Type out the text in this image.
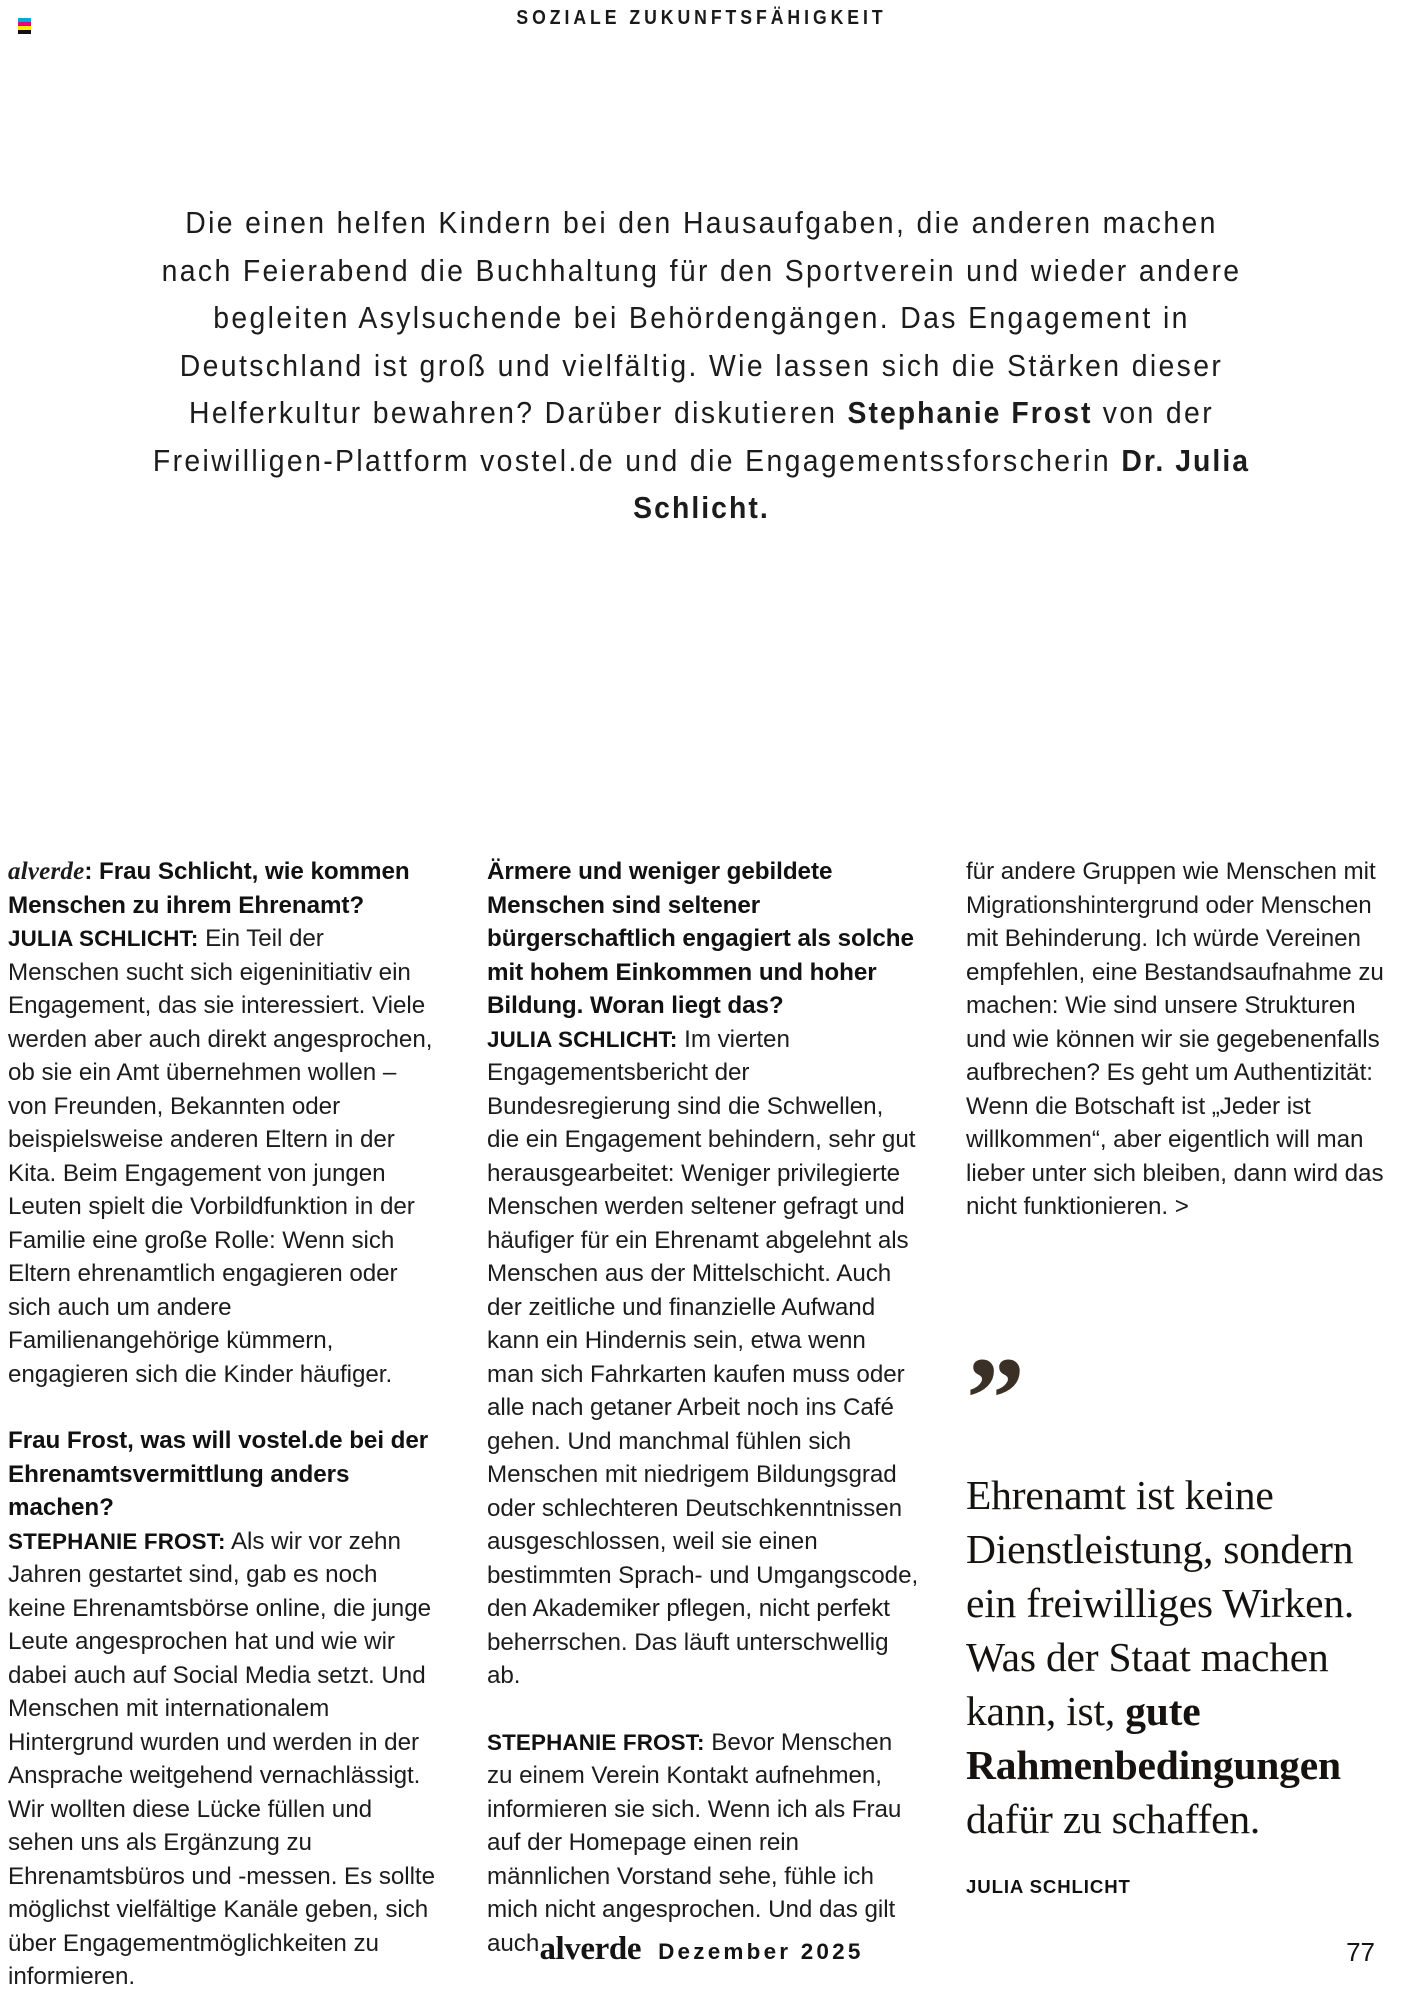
SOZIALE ZUKUNFTSFÄHIGKEIT
Die einen helfen Kindern bei den Hausaufgaben, die anderen machen nach Feierabend die Buchhaltung für den Sportverein und wieder andere begleiten Asylsuchende bei Behördengängen. Das Engagement in Deutschland ist groß und vielfältig. Wie lassen sich die Stärken dieser Helferkultur bewahren? Darüber diskutieren Stephanie Frost von der Freiwilligen-Plattform vostel.de und die Engagementssforscherin Dr. Julia Schlicht.

alverde: Frau Schlicht, wie kommen Menschen zu ihrem Ehrenamt?
JULIA SCHLICHT: Ein Teil der Menschen sucht sich eigeninitiativ ein Engagement, das sie interessiert. Viele werden aber auch direkt angesprochen, ob sie ein Amt übernehmen wollen – von Freunden, Bekannten oder beispielsweise anderen Eltern in der Kita. Beim Engagement von jungen Leuten spielt die Vorbildfunktion in der Familie eine große Rolle: Wenn sich Eltern ehrenamtlich engagieren oder sich auch um andere Familienangehörige kümmern, engagieren sich die Kinder häufiger.

Frau Frost, was will vostel.de bei der Ehrenamtsvermittlung anders machen?
STEPHANIE FROST: Als wir vor zehn Jahren gestartet sind, gab es noch keine Ehrenamtsbörse online, die junge Leute angesprochen hat und wie wir dabei auch auf Social Media setzt. Und Menschen mit internationalem Hintergrund wurden und werden in der Ansprache weitgehend vernachlässigt. Wir wollten diese Lücke füllen und sehen uns als Ergänzung zu Ehrenamtsbüros und -messen. Es sollte möglichst vielfältige Kanäle geben, sich über Engagementmöglichkeiten zu informieren.

Ärmere und weniger gebildete Menschen sind seltener bürgerschaftlich engagiert als solche mit hohem Einkommen und hoher Bildung. Woran liegt das?
JULIA SCHLICHT: Im vierten Engagementsbericht der Bundesregierung sind die Schwellen, die ein Engagement behindern, sehr gut herausgearbeitet: Weniger privilegierte Menschen werden seltener gefragt und häufiger für ein Ehrenamt abgelehnt als Menschen aus der Mittelschicht. Auch der zeitliche und finanzielle Aufwand kann ein Hindernis sein, etwa wenn man sich Fahrkarten kaufen muss oder alle nach getaner Arbeit noch ins Café gehen. Und manchmal fühlen sich Menschen mit niedrigem Bildungsgrad oder schlechteren Deutschkenntnissen ausgeschlossen, weil sie einen bestimmten Sprach- und Umgangscode, den Akademiker pflegen, nicht perfekt beherrschen. Das läuft unterschwellig ab.

STEPHANIE FROST: Bevor Menschen zu einem Verein Kontakt aufnehmen, informieren sie sich. Wenn ich als Frau auf der Homepage einen rein männlichen Vorstand sehe, fühle ich mich nicht angesprochen. Und das gilt auch

für andere Gruppen wie Menschen mit Migrationshintergrund oder Menschen mit Behinderung. Ich würde Vereinen empfehlen, eine Bestandsaufnahme zu machen: Wie sind unsere Strukturen und wie können wir sie gegebenenfalls aufbrechen? Es geht um Authentizität: Wenn die Botschaft ist „Jeder ist willkommen“, aber eigentlich will man lieber unter sich bleiben, dann wird das nicht funktionieren. >

”

Ehrenamt ist keine Dienstleistung, sondern ein freiwilliges Wirken. Was der Staat machen kann, ist, gute Rahmenbedingungen dafür zu schaffen.

JULIA SCHLICHT
alverde Dezember 2025	77
